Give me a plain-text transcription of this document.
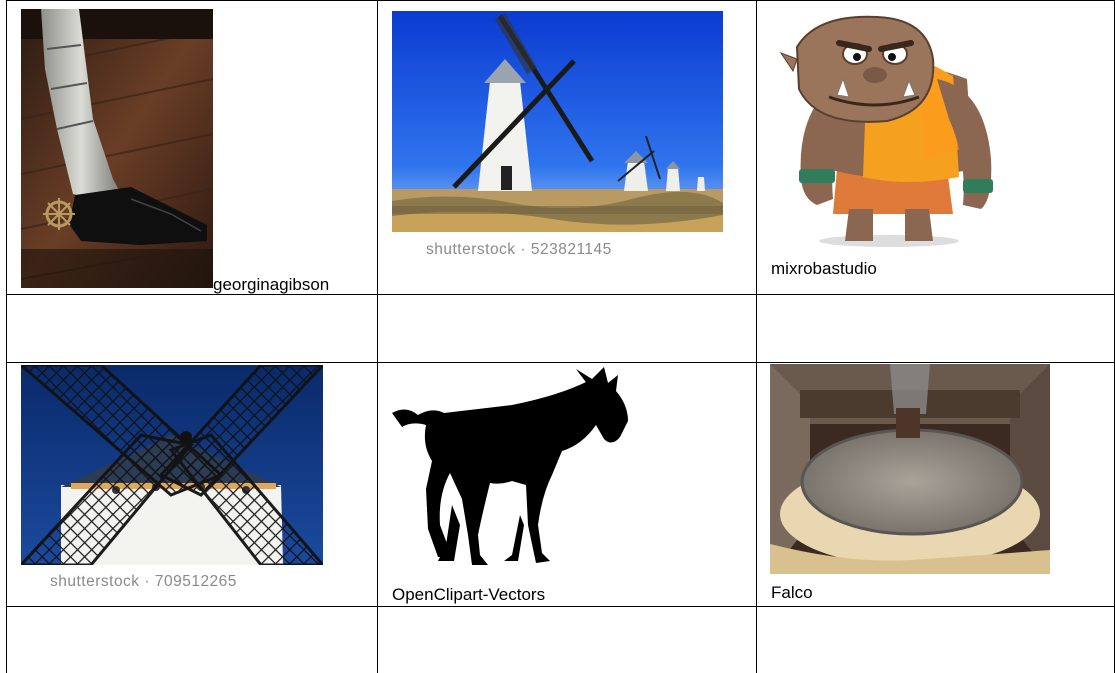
georginagibson
shutterstock · 523821145
mixrobastudio
shutterstock · 709512265
OpenClipart-Vectors	Falco
